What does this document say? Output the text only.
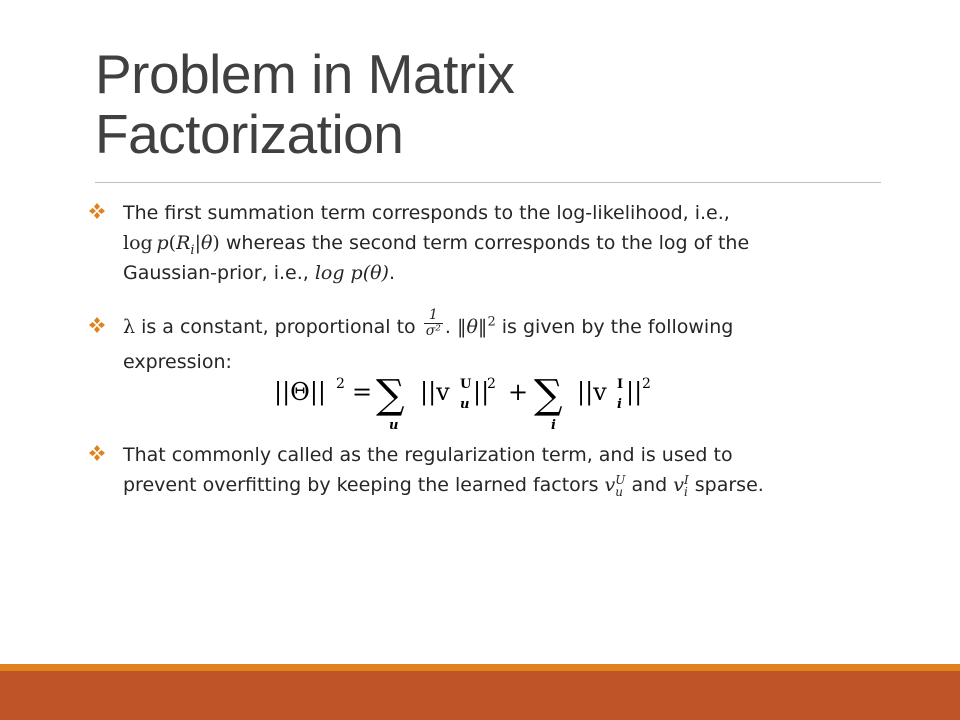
Problem in Matrix
Factorization
The first summation term corresponds to the log-likelihood, i.e.,
$\log p(R_i|\theta)$ whereas the second term corresponds to the log of the
Gaussian-prior, i.e., log p(θ).
λ is a constant, proportional to $\frac{1}{\text{σ²}}$ . ‖θ‖$^2$ is given by the following
expression:
||Θ|| 2 = ∑
u
||v U
u ||
2 + ∑
i
||v I
i || 2
That commonly called as the regularization term, and is used to
prevent overfitting by keeping the learned factors v U
u and v I
i sparse.
